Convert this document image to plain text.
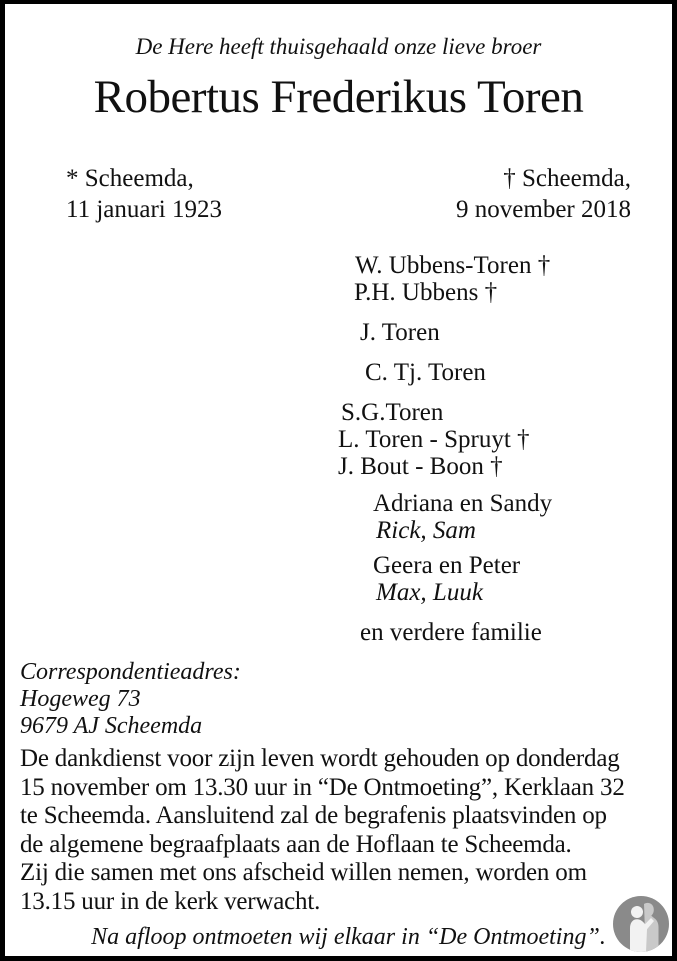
De Here heeft thuisgehaald onze lieve broer
Robertus Frederikus Toren
* Scheemda,
11 januari 1923
† Scheemda,
9 november 2018
W. Ubbens-Toren †
P.H. Ubbens †
J. Toren
C. Tj. Toren
S.G.Toren
L. Toren - Spruyt †
J. Bout - Boon †
Adriana en Sandy
Rick, Sam
Geera en Peter
Max, Luuk
en verdere familie
Correspondentieadres:
Hogeweg 73
9679 AJ Scheemda
De dankdienst voor zijn leven wordt gehouden op donderdag
15 november om 13.30 uur in “De Ontmoeting”, Kerklaan 32
te Scheemda. Aansluitend zal de begrafenis plaatsvinden op
de algemene begraafplaats aan de Hoflaan te Scheemda.
Zij die samen met ons afscheid willen nemen, worden om
13.15 uur in de kerk verwacht.
Na afloop ontmoeten wij elkaar in “De Ontmoeting”.
